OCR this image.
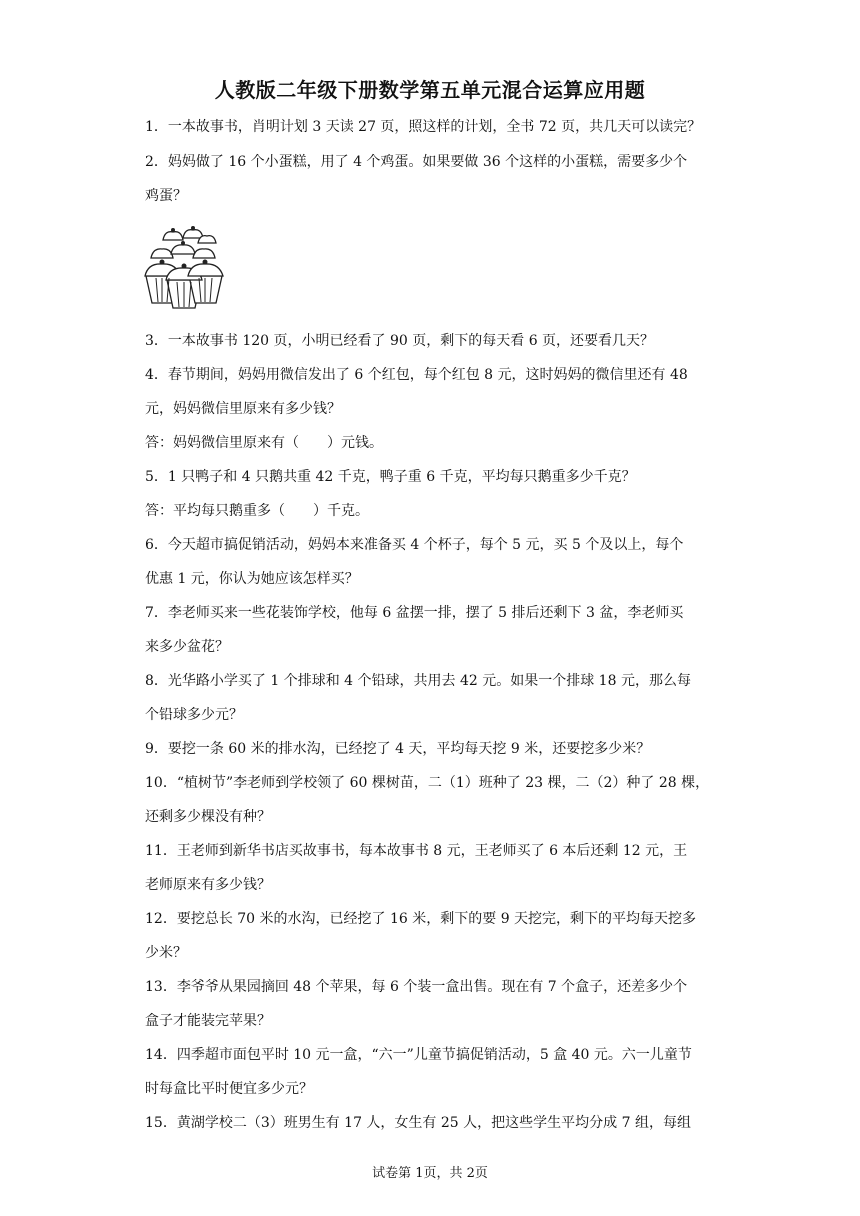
人教版二年级下册数学第五单元混合运算应用题
1．一本故事书，肖明计划 3 天读 27 页，照这样的计划，全书 72 页，共几天可以读完？
2．妈妈做了 16 个小蛋糕，用了 4 个鸡蛋。如果要做 36 个这样的小蛋糕，需要多少个
鸡蛋？
3．一本故事书 120 页，小明已经看了 90 页，剩下的每天看 6 页，还要看几天？
4．春节期间，妈妈用微信发出了 6 个红包，每个红包 8 元，这时妈妈的微信里还有 48
元，妈妈微信里原来有多少钱？
答：妈妈微信里原来有（　　）元钱。
5．1 只鸭子和 4 只鹅共重 42 千克，鸭子重 6 千克，平均每只鹅重多少千克？
答：平均每只鹅重多（　　）千克。
6．今天超市搞促销活动，妈妈本来准备买 4 个杯子，每个 5 元，买 5 个及以上，每个
优惠 1 元，你认为她应该怎样买？
7．李老师买来一些花装饰学校，他每 6 盆摆一排，摆了 5 排后还剩下 3 盆，李老师买
来多少盆花？
8．光华路小学买了 1 个排球和 4 个铅球，共用去 42 元。如果一个排球 18 元，那么每
个铅球多少元？
9．要挖一条 60 米的排水沟，已经挖了 4 天，平均每天挖 9 米，还要挖多少米？
10．“植树节”李老师到学校领了 60 棵树苗，二（1）班种了 23 棵，二（2）种了 28 棵，
还剩多少棵没有种？
11．王老师到新华书店买故事书，每本故事书 8 元，王老师买了 6 本后还剩 12 元，王
老师原来有多少钱？
12．要挖总长 70 米的水沟，已经挖了 16 米，剩下的要 9 天挖完，剩下的平均每天挖多
少米？
13．李爷爷从果园摘回 48 个苹果，每 6 个装一盒出售。现在有 7 个盒子，还差多少个
盒子才能装完苹果？
14．四季超市面包平时 10 元一盒，“六一”儿童节搞促销活动，5 盒 40 元。六一儿童节
时每盒比平时便宜多少元？
15．黄湖学校二（3）班男生有 17 人，女生有 25 人，把这些学生平均分成 7 组，每组
试卷第 1页，共 2页
